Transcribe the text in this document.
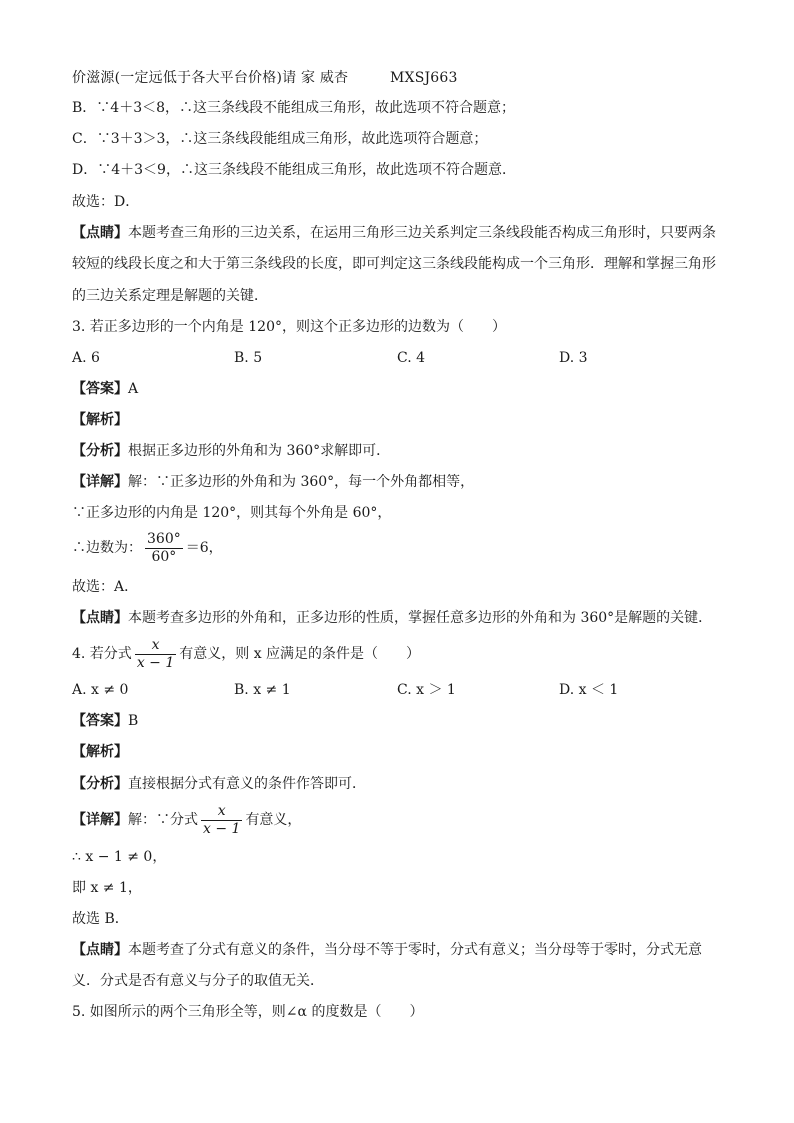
价滋源(一定远低于各大平台价格)请 家 威杏	MXSJ663
B．∵4＋3＜8，∴这三条线段不能组成三角形，故此选项不符合题意；
C．∵3＋3＞3，∴这三条线段能组成三角形，故此选项符合题意；
D．∵4＋3＜9，∴这三条线段不能组成三角形，故此选项不符合题意．
故选：D．
【点睛】本题考查三角形的三边关系，在运用三角形三边关系判定三条线段能否构成三角形时，只要两条
较短的线段长度之和大于第三条线段的长度，即可判定这三条线段能构成一个三角形．理解和掌握三角形
的三边关系定理是解题的关键．
3. 若正多边形的一个内角是 120°，则这个正多边形的边数为（　　）
A. 6	B. 5	C. 4	D. 3
【答案】A
【解析】
【分析】根据正多边形的外角和为 360°求解即可．
【详解】解：∵正多边形的外角和为 360°，每一个外角都相等，
∵正多边形的内角是 120°，则其每个外角是 60°，
∴边数为： $\frac{360^\circ}{60^\circ} =6$，
故选：A．
【点睛】本题考查多边形的外角和，正多边形的性质，掌握任意多边形的外角和为 360°是解题的关键．
4. 若分式 $\frac{x}{x - 1}$ 有意义，则 x 应满足的条件是（　　）
A. x ≠ 0	B. x ≠ 1	C. x ＞ 1	D. x ＜ 1
【答案】B
【解析】
【分析】直接根据分式有意义的条件作答即可．
【详解】解：∵分式 $\frac{x}{x - 1}$ 有意义，
∴ x − 1 ≠ 0，
即 x ≠ 1，
故选 B．
【点睛】本题考查了分式有意义的条件，当分母不等于零时，分式有意义；当分母等于零时，分式无意
义．分式是否有意义与分子的取值无关．
5. 如图所示的两个三角形全等，则∠α 的度数是（　　）
